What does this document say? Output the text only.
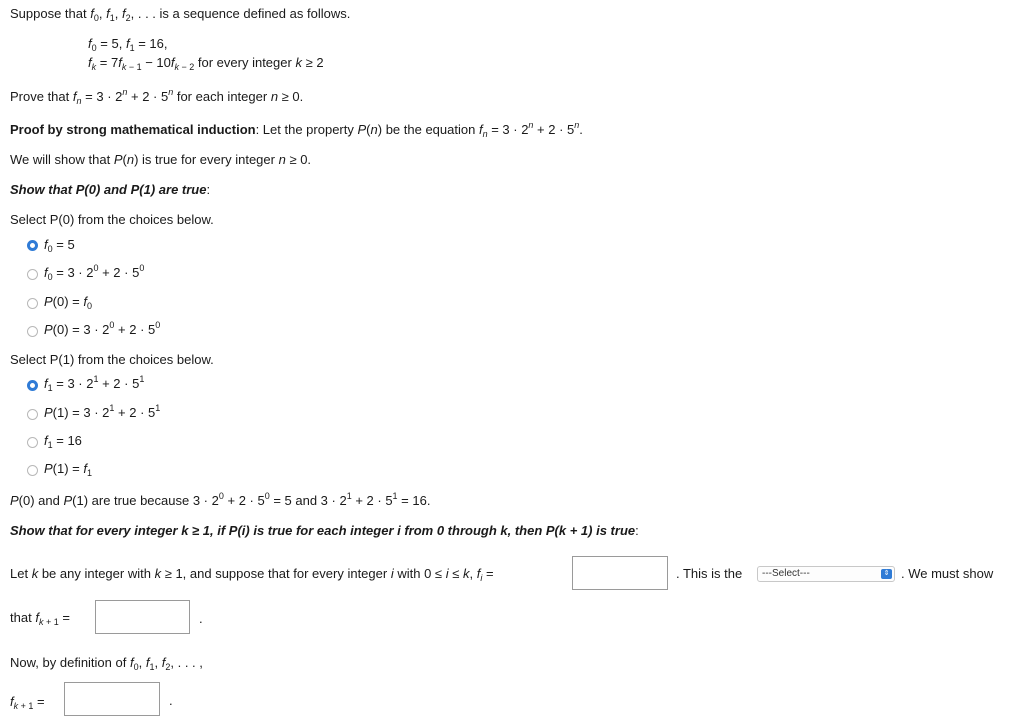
Suppose that $f_0$, $f_1$, $f_2$, . . . is a sequence defined as follows.
$f_0 = 5$, $f_1 = 16$,
$f_k = 7f_{k - 1} - 10f_{k - 2}$ for every integer k ≥ 2
Prove that $f_n = 3 \cdot 2^n + 2 \cdot 5^n$ for each integer n ≥ 0.
Proof by strong mathematical induction: Let the property P(n) be the equation $f_n = 3 \cdot 2^n + 2 \cdot 5^n$.
We will show that P(n) is true for every integer n ≥ 0.
Show that P(0) and P(1) are true:
Select P(0) from the choices below.
$f_0 = 5$
$f_0 = 3 \cdot 2^0 + 2 \cdot 5^0$
$P(0) = f_0$
$P(0) = 3 \cdot 2^0 + 2 \cdot 5^0$
Select P(1) from the choices below.
$f_1 = 3 \cdot 2^1 + 2 \cdot 5^1$
$P(1) = 3 \cdot 2^1 + 2 \cdot 5^1$
$f_1 = 16$
$P(1) = f_1$
P(0) and P(1) are true because $3 \cdot 2^0 + 2 \cdot 5^0 = 5$ and $3 \cdot 2^1 + 2 \cdot 5^1 = 16$.
Show that for every integer k ≥ 1, if P(i) is true for each integer i from 0 through k, then P(k + 1) is true:
Let k be any integer with k ≥ 1, and suppose that for every integer i with 0 ≤ i ≤ k, $f_i$ =	. This is the	---Select---	⇕ . We must show
that $f_{k + 1}$ =	.
Now, by definition of $f_0$, $f_1$, $f_2$, . . . ,
$f_{k + 1}$ =	.
